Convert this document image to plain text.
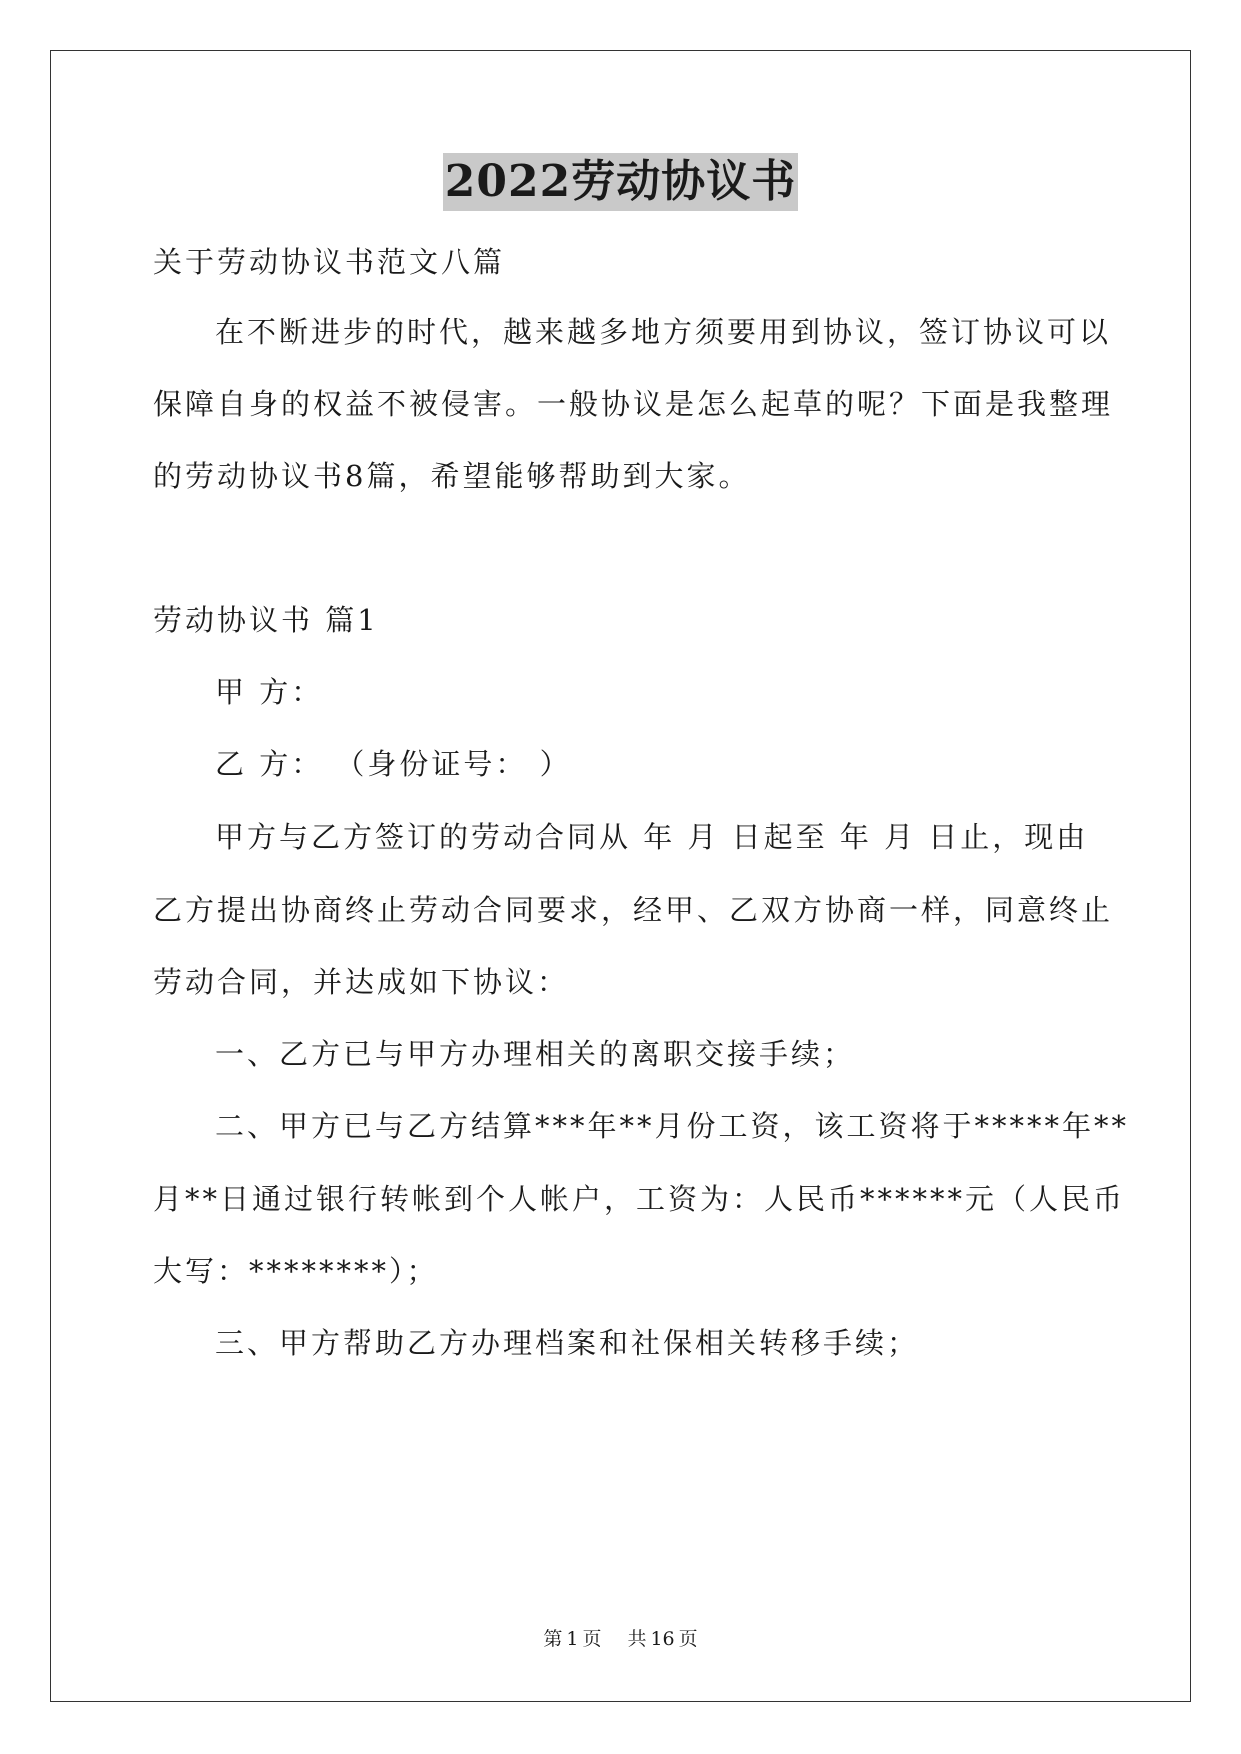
2022劳动协议书
关于劳动协议书范文八篇
在不断进步的时代，越来越多地方须要用到协议，签订协议可以
保障自身的权益不被侵害。一般协议是怎么起草的呢？下面是我整理
的劳动协议书8篇，希望能够帮助到大家。
劳动协议书 篇1
甲 方：
乙 方： （身份证号： ）
甲方与乙方签订的劳动合同从 年 月 日起至 年 月 日止，现由
乙方提出协商终止劳动合同要求，经甲、乙双方协商一样，同意终止
劳动合同，并达成如下协议：
一、乙方已与甲方办理相关的离职交接手续；
二、甲方已与乙方结算***年**月份工资，该工资将于*****年**
月**日通过银行转帐到个人帐户，工资为：人民币******元（人民币
大写：********）；
三、甲方帮助乙方办理档案和社保相关转移手续；
第 1 页 共 16 页
